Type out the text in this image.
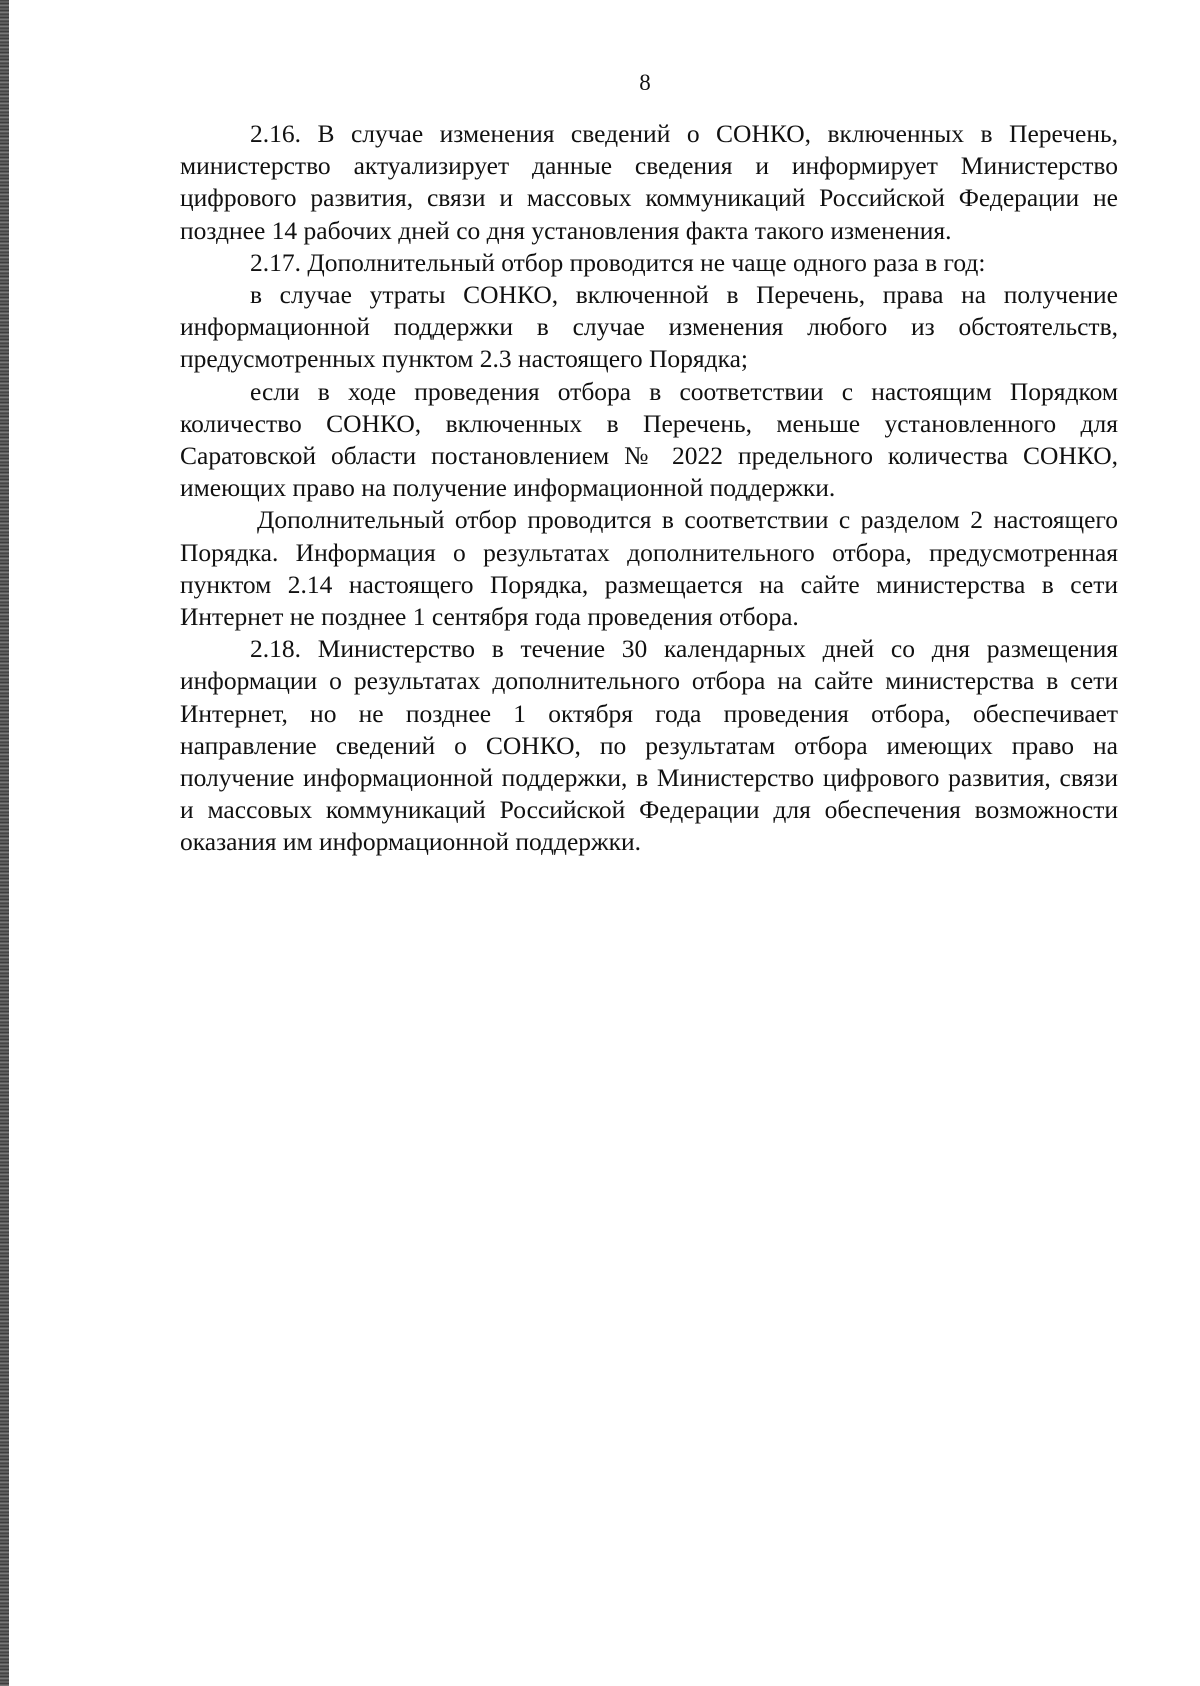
8

2.16. В случае изменения сведений о СОНКО, включенных в Перечень, министерство актуализирует данные сведения и информирует Министерство цифрового развития, связи и массовых коммуникаций Российской Федерации не позднее 14 рабочих дней со дня установления факта такого изменения.

2.17. Дополнительный отбор проводится не чаще одного раза в год:

в случае утраты СОНКО, включенной в Перечень, права на получение информационной поддержки в случае изменения любого из обстоятельств, предусмотренных пунктом 2.3 настоящего Порядка;

если в ходе проведения отбора в соответствии с настоящим Порядком количество СОНКО, включенных в Перечень, меньше установленного для Саратовской области постановлением № 2022 предельного количества СОНКО, имеющих право на получение информационной поддержки.

Дополнительный отбор проводится в соответствии с разделом 2 настоящего Порядка. Информация о результатах дополнительного отбора, предусмотренная пунктом 2.14 настоящего Порядка, размещается на сайте министерства в сети Интернет не позднее 1 сентября года проведения отбора.

2.18. Министерство в течение 30 календарных дней со дня размещения информации о результатах дополнительного отбора на сайте министерства в сети Интернет, но не позднее 1 октября года проведения отбора, обеспечивает направление сведений о СОНКО, по результатам отбора имеющих право на получение информационной поддержки, в Министерство цифрового развития, связи и массовых коммуникаций Российской Федерации для обеспечения возможности оказания им информационной поддержки.
